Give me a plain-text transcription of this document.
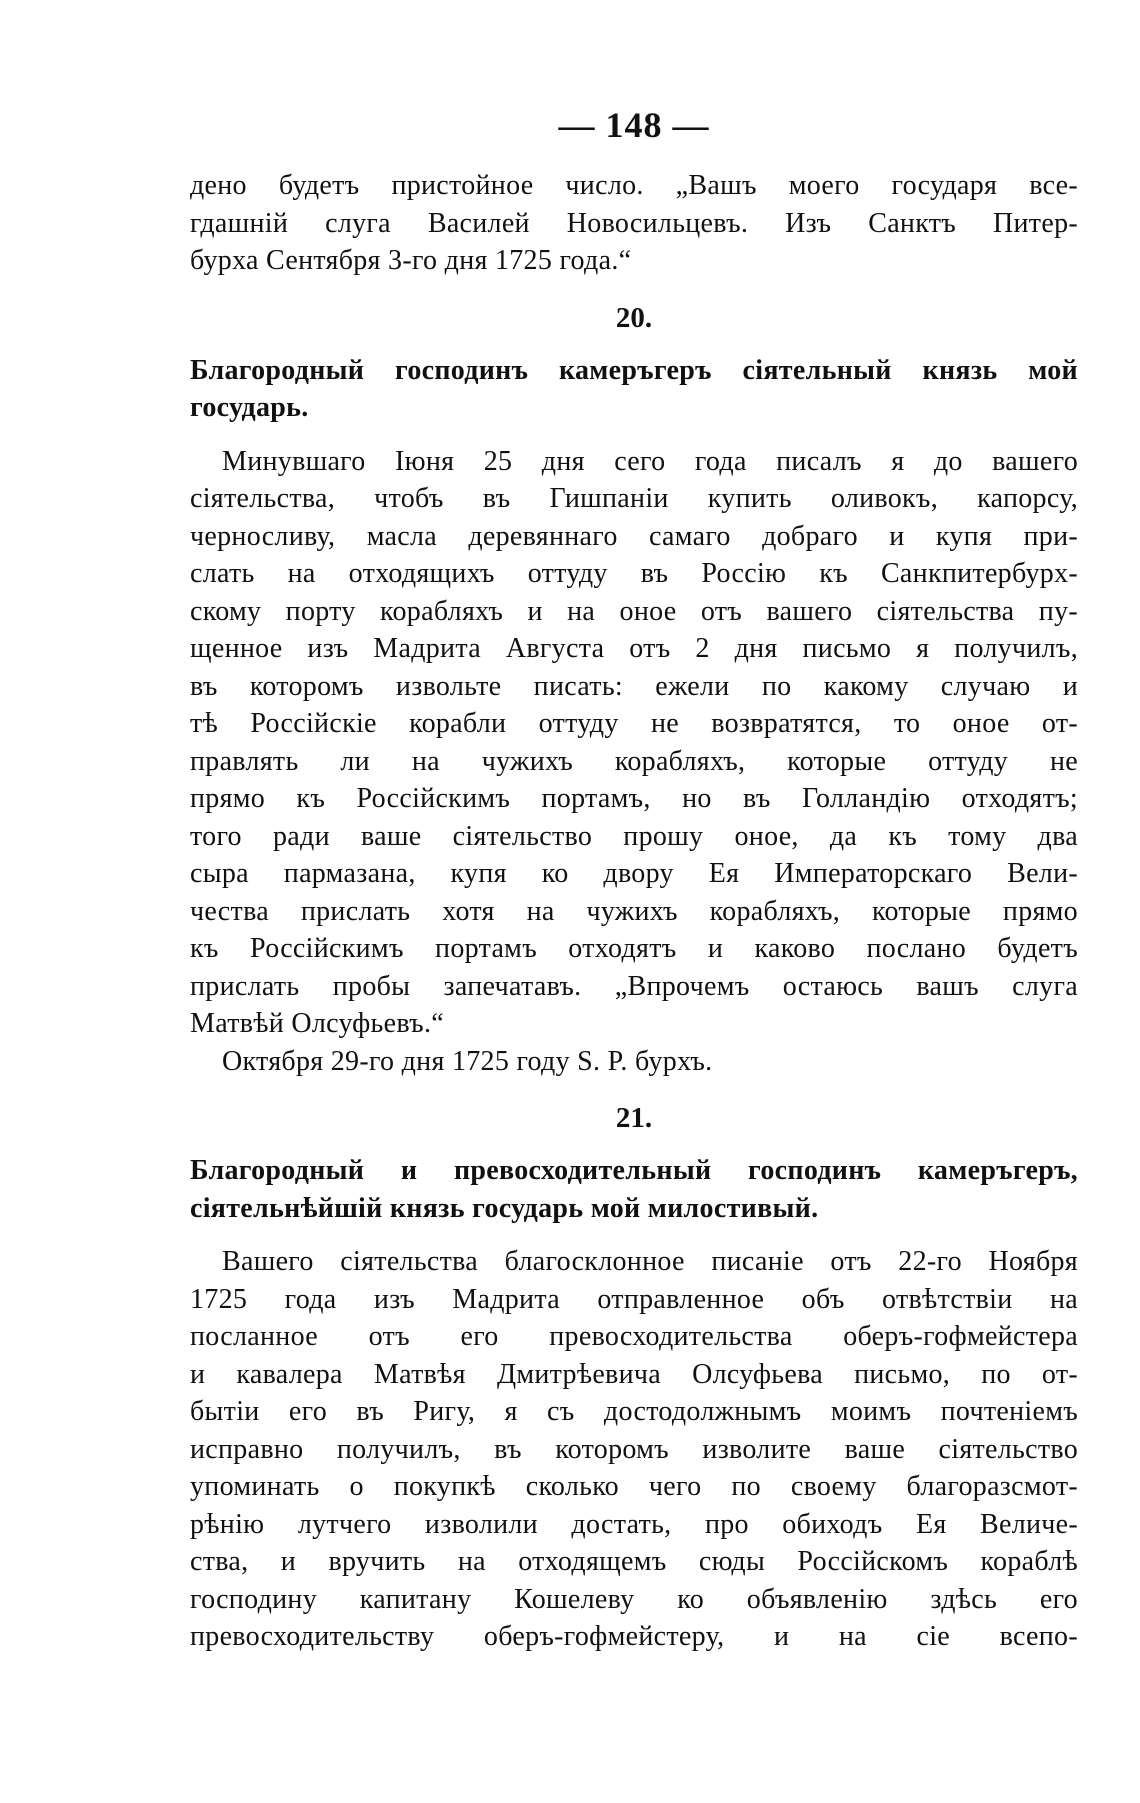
— 148 —
дено будетъ пристойное число. „Вашъ моего государя все-
гдашній слуга Василей Новосильцевъ. Изъ Санктъ Питер-
бурха Сентября 3-го дня 1725 года.“
20.
Благородный господинъ камеръгеръ сіятельный князь мой
государь.
Минувшаго Іюня 25 дня сего года писалъ я до вашего
сіятельства, чтобъ въ Гишпаніи купить оливокъ, капорсу,
черносливу, масла деревяннаго самаго добраго и купя при-
слать на отходящихъ оттуду въ Россію къ Санкпитербурх-
скому порту корабляхъ и на оное отъ вашего сіятельства пу-
щенное изъ Мадрита Августа отъ 2 дня письмо я получилъ,
въ которомъ извольте писать: ежели по какому случаю и
тѣ Россійскіе корабли оттуду не возвратятся, то оное от-
правлять ли на чужихъ корабляхъ, которые оттуду не
прямо къ Россійскимъ портамъ, но въ Голландію отходятъ;
того ради ваше сіятельство прошу оное, да къ тому два
сыра пармазана, купя ко двору Ея Императорскаго Вели-
чества прислать хотя на чужихъ корабляхъ, которые прямо
къ Россійскимъ портамъ отходятъ и каково послано будетъ
прислать пробы запечатавъ. „Впрочемъ остаюсь вашъ слуга
Матвѣй Олсуфьевъ.“
Октября 29-го дня 1725 году S. P. бурхъ.
21.
Благородный и превосходительный господинъ камеръгеръ,
сіятельнѣйшій князь государь мой милостивый.
Вашего сіятельства благосклонное писаніе отъ 22-го Ноября
1725 года изъ Мадрита отправленное объ отвѣтствіи на
посланное отъ его превосходительства оберъ-гофмейстера
и кавалера Матвѣя Дмитрѣевича Олсуфьева письмо, по от-
бытіи его въ Ригу, я съ достодолжнымъ моимъ почтеніемъ
исправно получилъ, въ которомъ изволите ваше сіятельство
упоминать о покупкѣ сколько чего по своему благоразсмот-
рѣнію лутчего изволили достать, про обиходъ Ея Величе-
ства, и вручить на отходящемъ сюды Россійскомъ кораблѣ
господину капитану Кошелеву ко объявленію здѣсь его
превосходительству оберъ-гофмейстеру, и на сіе всепо-
